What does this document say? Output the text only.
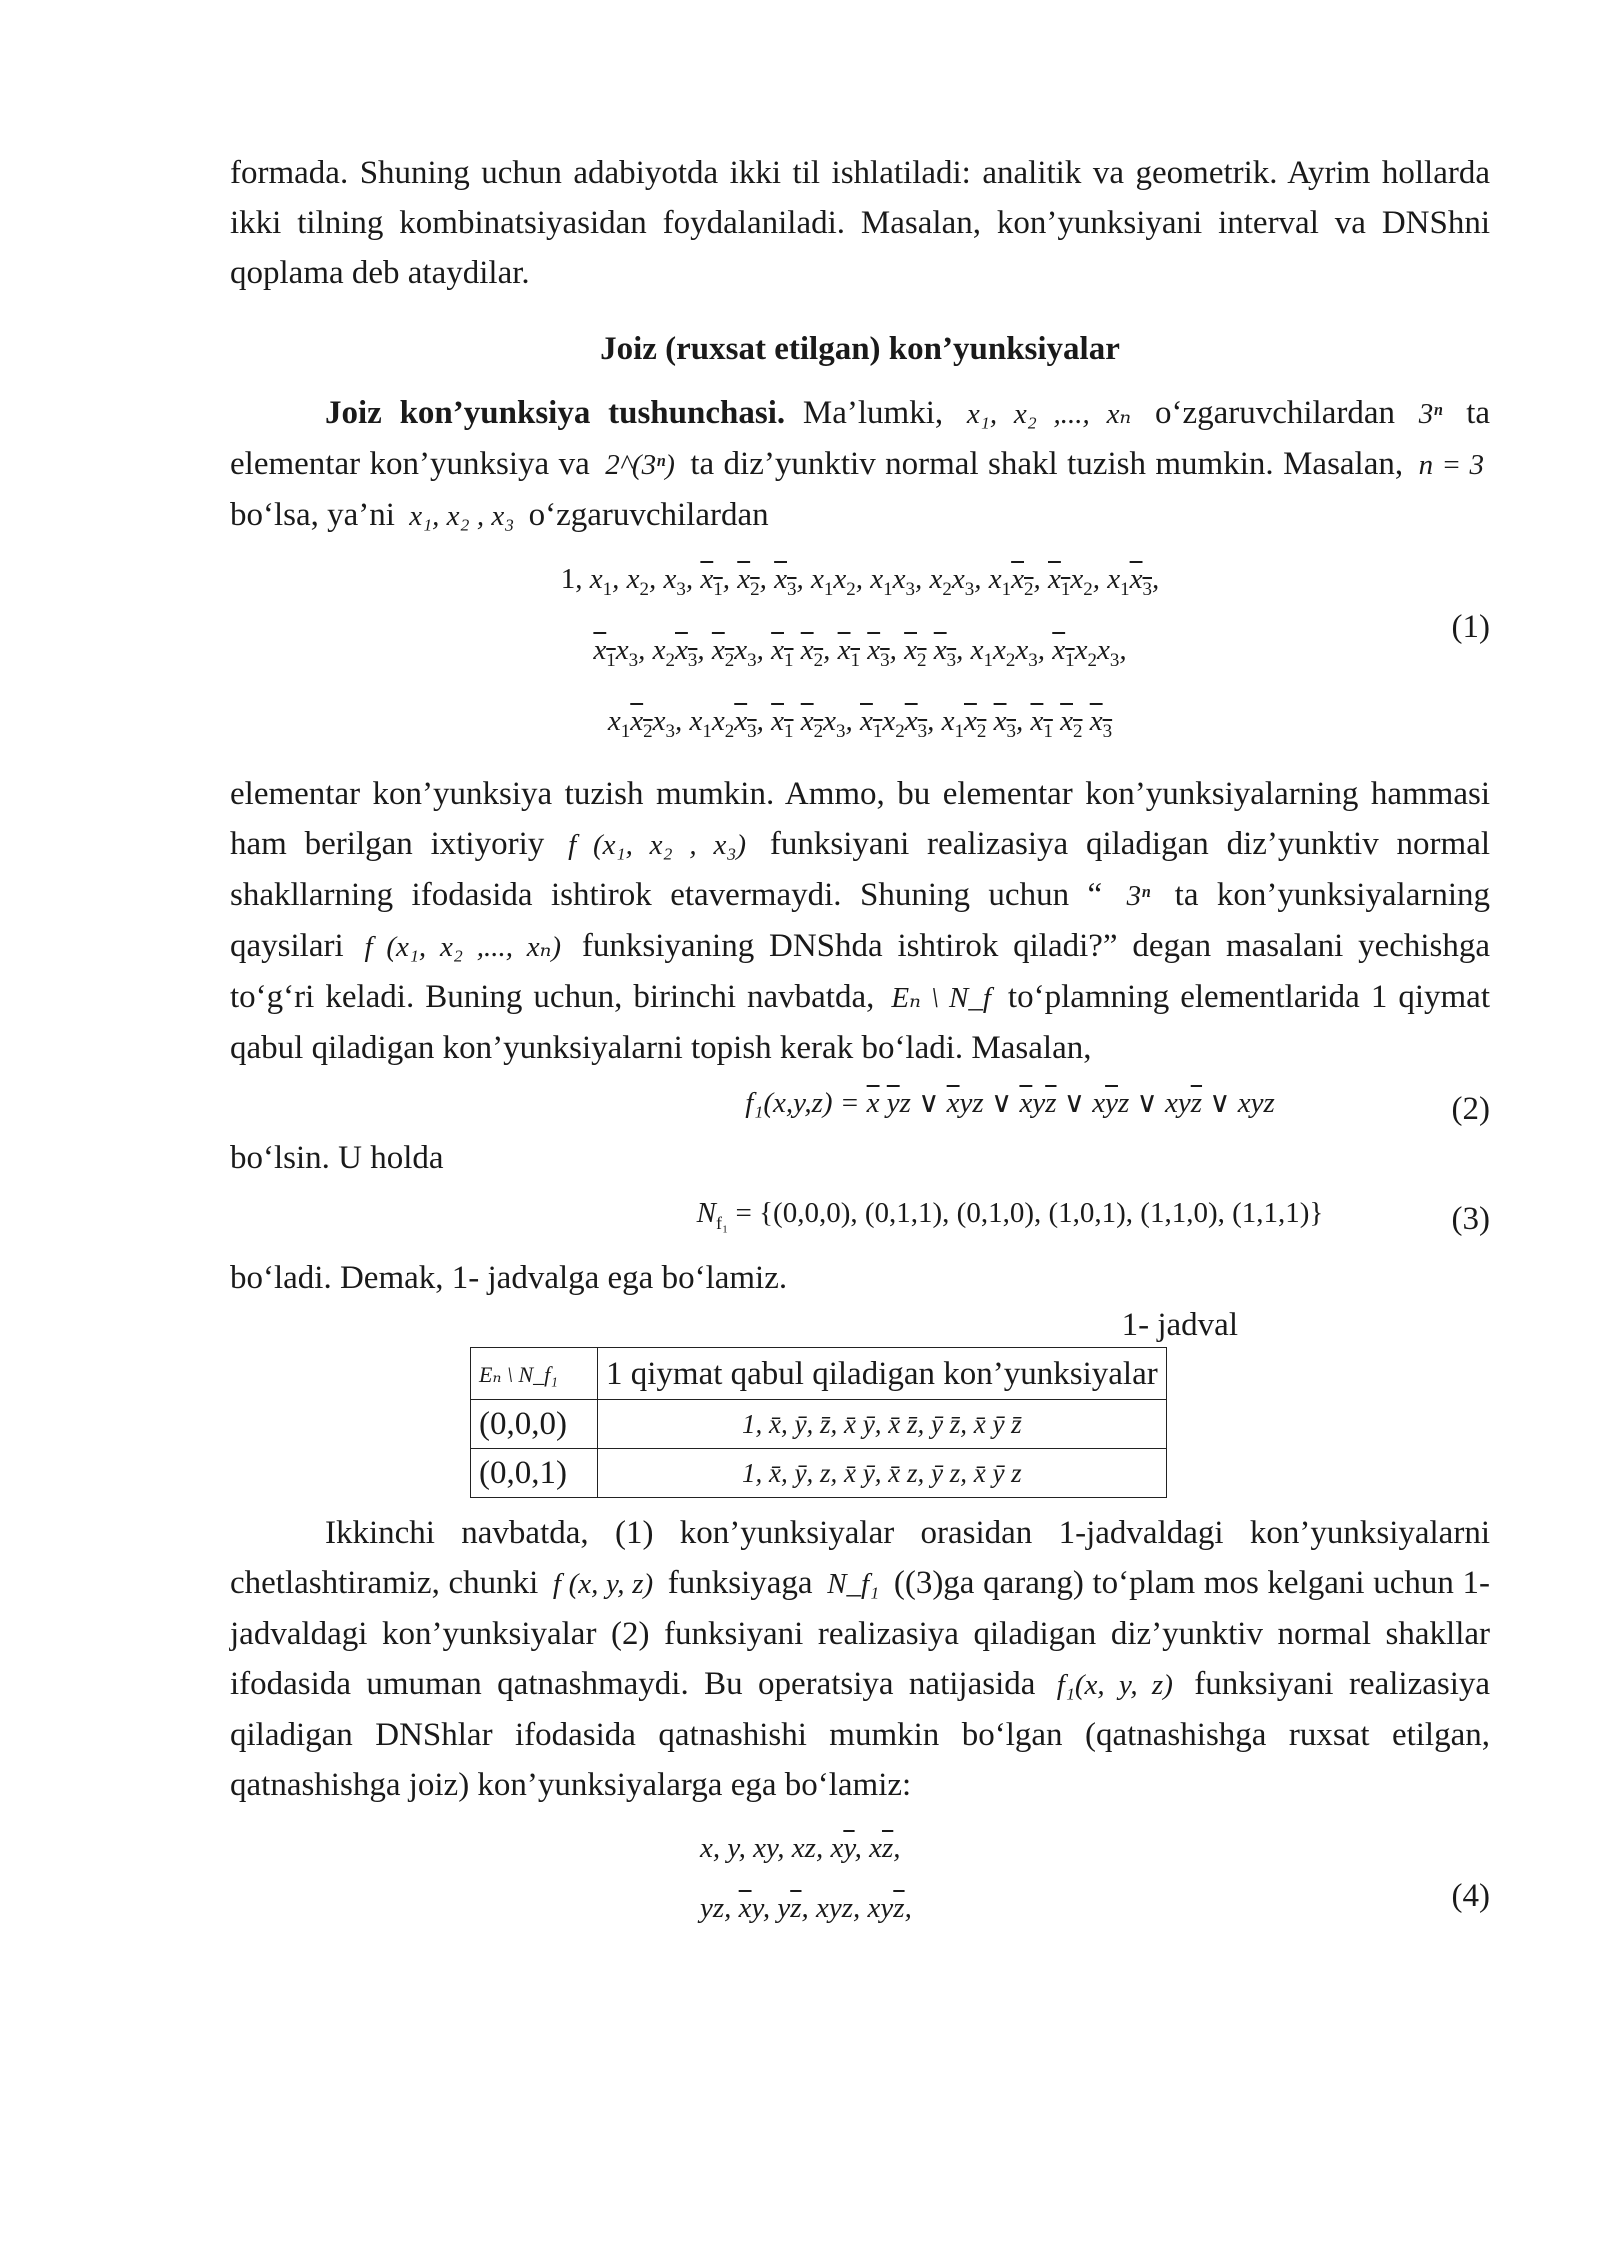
formada. Shuning uchun adabiyotda ikki til ishlatiladi: analitik va geometrik. Ayrim hollarda ikki tilning kombinatsiyasidan foydalaniladi. Masalan, kon’yunksiyani interval va DNShni qoplama deb ataydilar.

Joiz (ruxsat etilgan) kon’yunksiyalar

Joiz kon’yunksiya tushunchasi. Ma’lumki, x₁, x₂ ,..., xₙ o‘zgaruvchilardan 3ⁿ ta elementar kon’yunksiya va 2^(3ⁿ) ta diz’yunktiv normal shakl tuzish mumkin. Masalan, n = 3 bo‘lsa, ya’ni x₁, x₂ , x₃ o‘zgaruvchilardan

1, $x_1$, $x_2$, $x_3$, $x_1$, $x_2$, $x_3$, $x_1x_2$, $x_1x_3$, $x_2x_3$, $x_1x_2$, $x_1x_2$, $x_1x_3$,
$x_1x_3$, $x_2x_3$, $x_2x_3$, $x_1$ $x_2$, $x_1$ $x_3$, $x_2$ $x_3$, $x_1x_2x_3$, $x_1x_2x_3$,
$x_1x_2x_3$, $x_1x_2x_3$, $x_1$ $x_2x_3$, $x_1x_2x_3$, $x_1x_2$ $x_3$, $x_1$ $x_2$ $x_3$
(1)

elementar kon’yunksiya tuzish mumkin. Ammo, bu elementar kon’yunksiyalarning hammasi ham berilgan ixtiyoriy f (x₁, x₂ , x₃) funksiyani realizasiya qiladigan diz’yunktiv normal shakllarning ifodasida ishtirok etavermaydi. Shuning uchun “ 3ⁿ ta kon’yunksiyalarning qaysilari f (x₁, x₂ ,..., xₙ) funksiyaning DNShda ishtirok qiladi?” degan masalani yechishga to‘g‘ri keladi. Buning uchun, birinchi navbatda, Eₙ \ N_f to‘plamning elementlarida 1 qiymat qabul qiladigan kon’yunksiyalarni topish kerak bo‘ladi. Masalan,

$f_1(x,y,z) = \overline{x}$ $\overline{y}z$ ∨ $\overline{x}yz$ ∨ $\overline{x}y\overline{z}$ ∨ $x\overline{y}z$ ∨ $xy\overline{z}$ ∨ xyz	(2)

bo‘lsin. U holda

$N_{f_1} = \{(0,0,0)$, (0,1,1), (0,1,0), (1,0,1), (1,1,0), (1,1,1)}	(3)

bo‘ladi. Demak, 1- jadvalga ega bo‘lamiz.

1- jadval
Eₙ \ N_f₁	1 qiymat qabul qiladigan kon’yunksiyalar
(0,0,0)	1, x̄, ȳ, z̄, x̄ ȳ, x̄ z̄, ȳ z̄, x̄ ȳ z̄
(0,0,1)	1, x̄, ȳ, z, x̄ ȳ, x̄ z, ȳ z, x̄ ȳ z

Ikkinchi navbatda, (1) kon’yunksiyalar orasidan 1-jadvaldagi kon’yunksiyalarni chetlashtiramiz, chunki f (x, y, z) funksiyaga N_f₁ ((3)ga qarang) to‘plam mos kelgani uchun 1-jadvaldagi kon’yunksiyalar (2) funksiyani realizasiya qiladigan diz’yunktiv normal shakllar ifodasida umuman qatnashmaydi. Bu operatsiya natijasida f₁(x, y, z) funksiyani realizasiya qiladigan DNShlar ifodasida qatnashishi mumkin bo‘lgan (qatnashishga ruxsat etilgan, qatnashishga joiz) kon’yunksiyalarga ega bo‘lamiz:

x, y, xy, xz, $x\overline{y}$, $x\overline{z}$,
yz, $\overline{x}y$, $y\overline{z}$, xyz, $xy\overline{z}$,	(4)
